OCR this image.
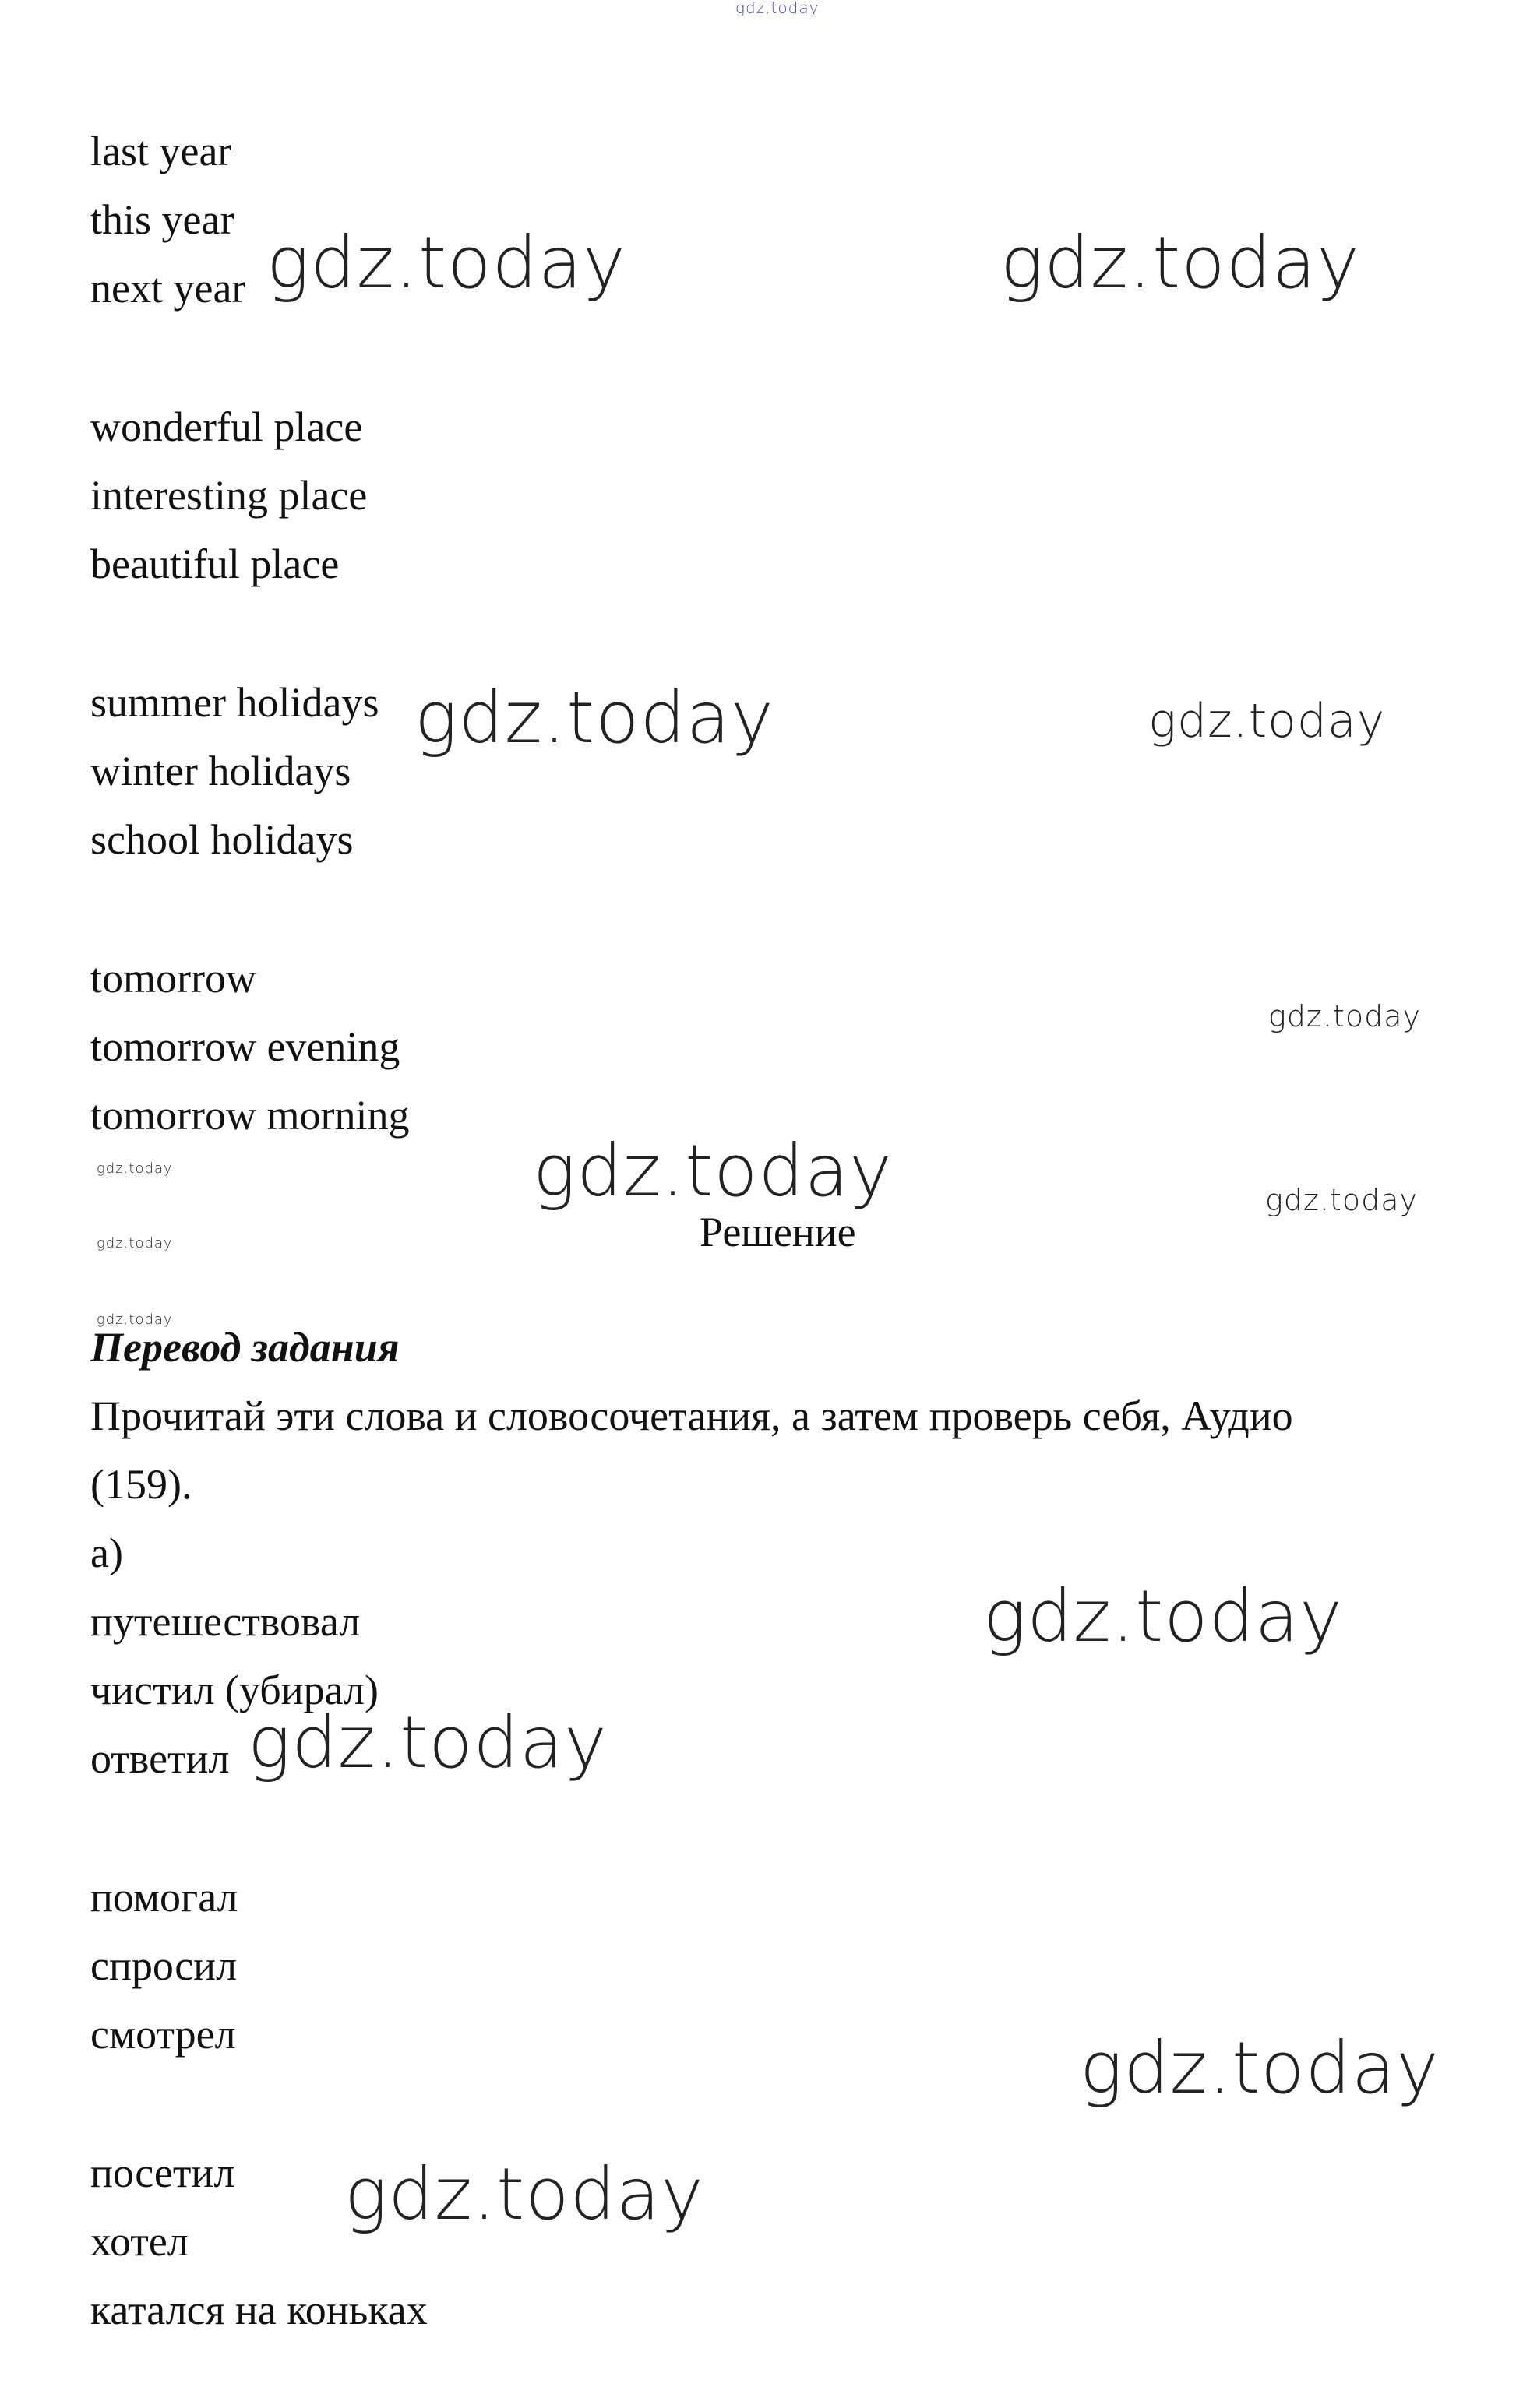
gdz.today
last year
this year
next year
wonderful place
interesting place
beautiful place
summer holidays
winter holidays
school holidays
tomorrow
tomorrow evening
tomorrow morning
Решение
Перевод задания
Прочитай эти слова и словосочетания, а затем проверь себя, Аудио
(159).
а)
путешествовал
чистил (убирал)
ответил
помогал
спросил
смотрел
посетил
хотел
катался на коньках
gdz.today	gdz.today
gdz.today	gdz.today
gdz.today
gdz.today	gdz.today
gdz.today
gdz.today
gdz.today
gdz.today
gdz.today
gdz.today
gdz.today
